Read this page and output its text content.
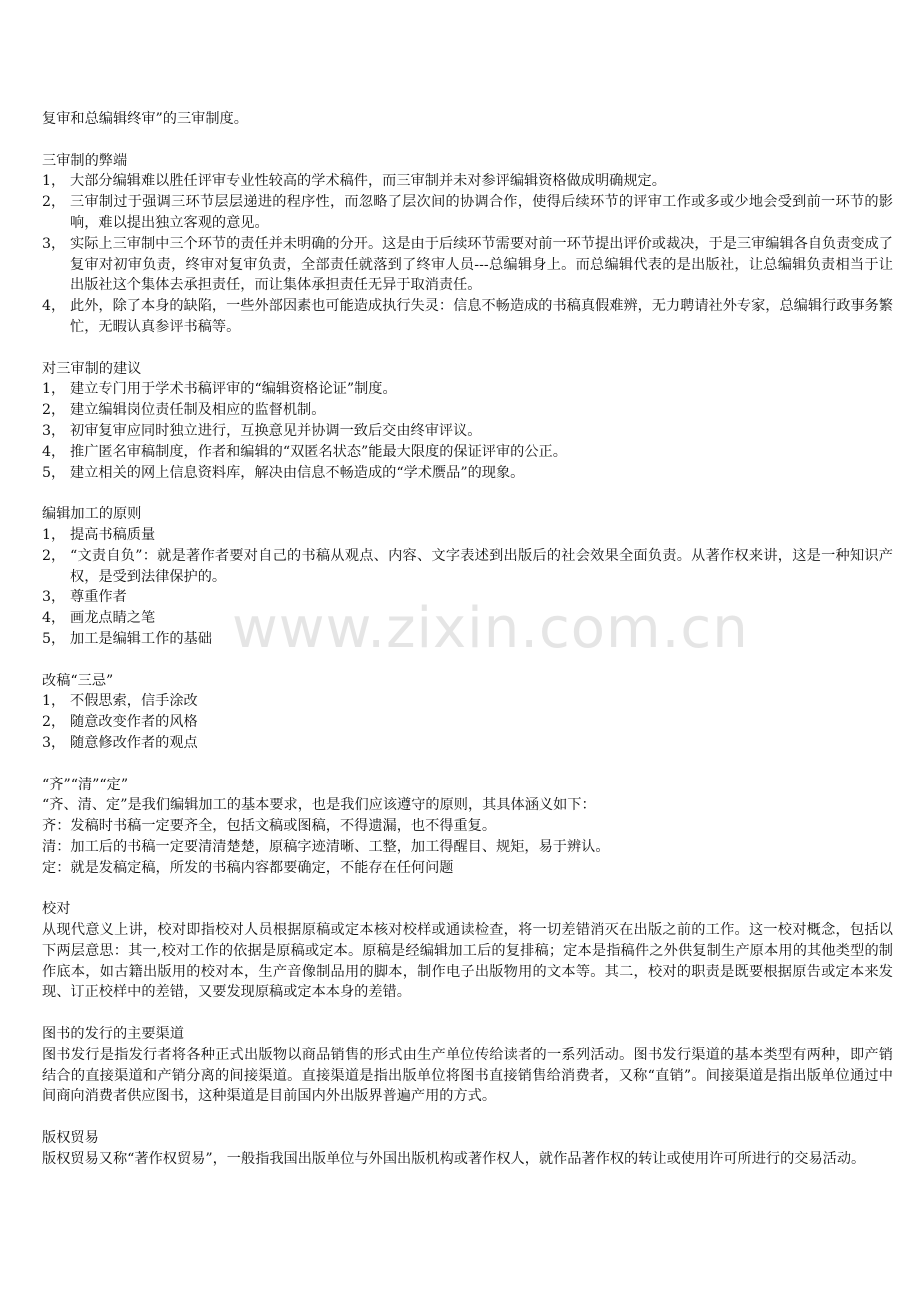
复审和总编辑终审”的三审制度。

三审制的弊端

1， 大部分编辑难以胜任评审专业性较高的学术稿件，而三审制并未对参评编辑资格做成明确规定。
2， 三审制过于强调三环节层层递进的程序性，而忽略了层次间的协调合作，使得后续环节的评审工作或多或少地会受到前一环节的影响，难以提出独立客观的意见。
3， 实际上三审制中三个环节的责任并未明确的分开。这是由于后续环节需要对前一环节提出评价或裁决，于是三审编辑各自负责变成了复审对初审负责，终审对复审负责，全部责任就落到了终审人员---总编辑身上。而总编辑代表的是出版社，让总编辑负责相当于让出版社这个集体去承担责任，而让集体承担责任无异于取消责任。
4， 此外，除了本身的缺陷，一些外部因素也可能造成执行失灵：信息不畅造成的书稿真假难辨，无力聘请社外专家，总编辑行政事务繁忙，无暇认真参评书稿等。

对三审制的建议

1， 建立专门用于学术书稿评审的“编辑资格论证”制度。
2， 建立编辑岗位责任制及相应的监督机制。
3， 初审复审应同时独立进行，互换意见并协调一致后交由终审评议。
4， 推广匿名审稿制度，作者和编辑的“双匿名状态”能最大限度的保证评审的公正。
5， 建立相关的网上信息资料库，解决由信息不畅造成的“学术赝品”的现象。

编辑加工的原则

1， 提高书稿质量
2， “文责自负”：就是著作者要对自己的书稿从观点、内容、文字表述到出版后的社会效果全面负责。从著作权来讲，这是一种知识产权，是受到法律保护的。
3， 尊重作者
4， 画龙点睛之笔
5， 加工是编辑工作的基础

改稿“三忌”

1， 不假思索，信手涂改
2， 随意改变作者的风格
3， 随意修改作者的观点

“齐”“清”“定”

“齐、清、定”是我们编辑加工的基本要求，也是我们应该遵守的原则，其具体涵义如下：

齐：发稿时书稿一定要齐全，包括文稿或图稿，不得遗漏，也不得重复。

清：加工后的书稿一定要清清楚楚，原稿字迹清晰、工整，加工得醒目、规矩，易于辨认。

定：就是发稿定稿，所发的书稿内容都要确定，不能存在任何问题

校对

从现代意义上讲，校对即指校对人员根据原稿或定本核对校样或通读检查，将一切差错消灭在出版之前的工作。这一校对概念，包括以下两层意思：其一,校对工作的依据是原稿或定本。原稿是经编辑加工后的复排稿；定本是指稿件之外供复制生产原本用的其他类型的制作底本，如古籍出版用的校对本，生产音像制品用的脚本，制作电子出版物用的文本等。其二，校对的职责是既要根据原告或定本来发现、订正校样中的差错，又要发现原稿或定本本身的差错。

图书的发行的主要渠道

图书发行是指发行者将各种正式出版物以商品销售的形式由生产单位传给读者的一系列活动。图书发行渠道的基本类型有两种，即产销结合的直接渠道和产销分离的间接渠道。直接渠道是指出版单位将图书直接销售给消费者，又称“直销”。间接渠道是指出版单位通过中间商向消费者供应图书，这种渠道是目前国内外出版界普遍产用的方式。

版权贸易

版权贸易又称“著作权贸易”，一般指我国出版单位与外国出版机构或著作权人，就作品著作权的转让或使用许可所进行的交易活动。

www.zixin.com.cn
